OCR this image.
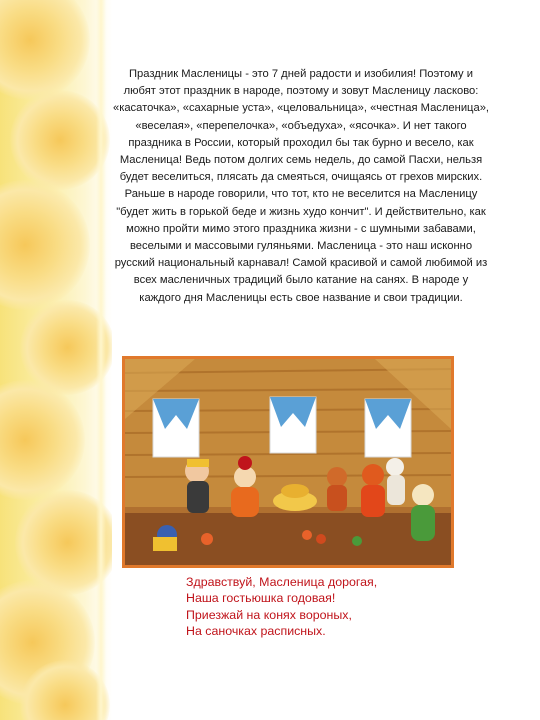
Праздник Масленицы - это 7 дней радости и изобилия! Поэтому и любят этот праздник в народе, поэтому и зовут Масленицу ласково: «касаточка», «сахарные уста», «целовальница», «честная Масленица», «веселая», «перепелочка», «объедуха», «ясочка». И нет такого праздника в России, который проходил бы так бурно и весело, как Масленица! Ведь потом долгих семь недель, до самой Пасхи, нельзя будет веселиться, плясать да смеяться, очищаясь от грехов мирских. Раньше в народе говорили, что тот, кто не веселится на Масленицу "будет жить в горькой беде и жизнь худо кончит". И действительно, как можно пройти мимо этого праздника жизни - с шумными забавами, веселыми и массовыми гуляньями. Масленица - это наш исконно русский национальный карнавал! Самой красивой и самой любимой из всех масленичных традиций было катание на санях. В народе у каждого дня Масленицы есть свое название и свои традиции.
Здравствуй, Масленица дорогая,
Наша гостьюшка годовая!
Приезжай на конях вороных,
На саночках расписных.
